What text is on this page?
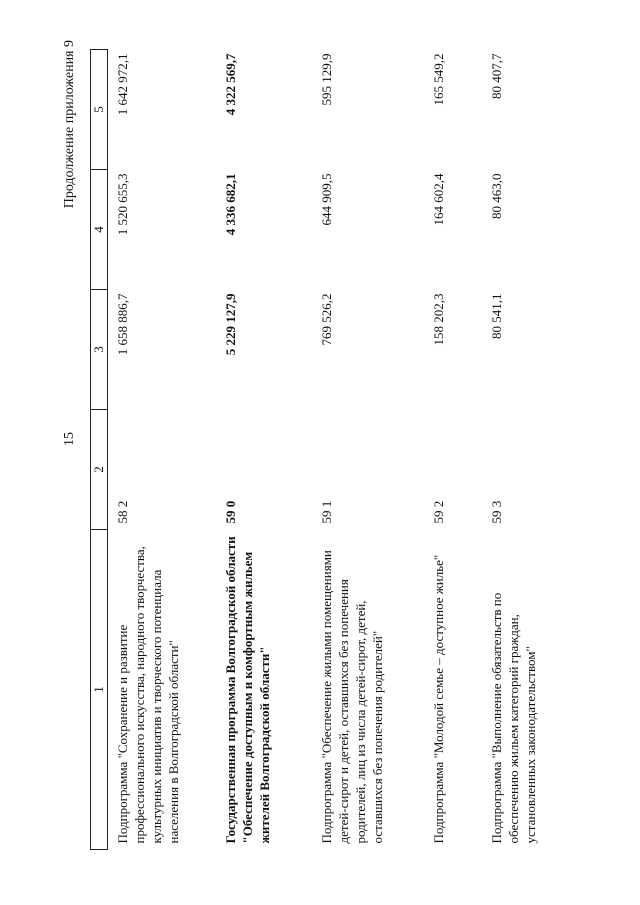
15
Продолжение приложения 9
1	2	3	4	5
Подпрограмма "Сохранение и развитие профессионального искусства, народного творчества, культурных инициатив и творческого потенциала населения в Волгоградской области"	58 2	1 658 886,7	1 520 655,3	1 642 972,1
Государственная программа Волгоградской области "Обеспечение доступным и комфортным жильем жителей Волгоградской области"	59 0	5 229 127,9	4 336 682,1	4 322 569,7
Подпрограмма "Обеспечение жилыми помещениями детей-сирот и детей, оставшихся без попечения родителей, лиц из числа детей-сирот, детей, оставшихся без попечения родителей"	59 1	769 526,2	644 909,5	595 129,9
Подпрограмма "Молодой семье – доступное жилье"	59 2	158 202,3	164 602,4	165 549,2
Подпрограмма "Выполнение обязательств по обеспечению жильем категорий граждан, установленных законодательством"	59 3	80 541,1	80 463,0	80 407,7
